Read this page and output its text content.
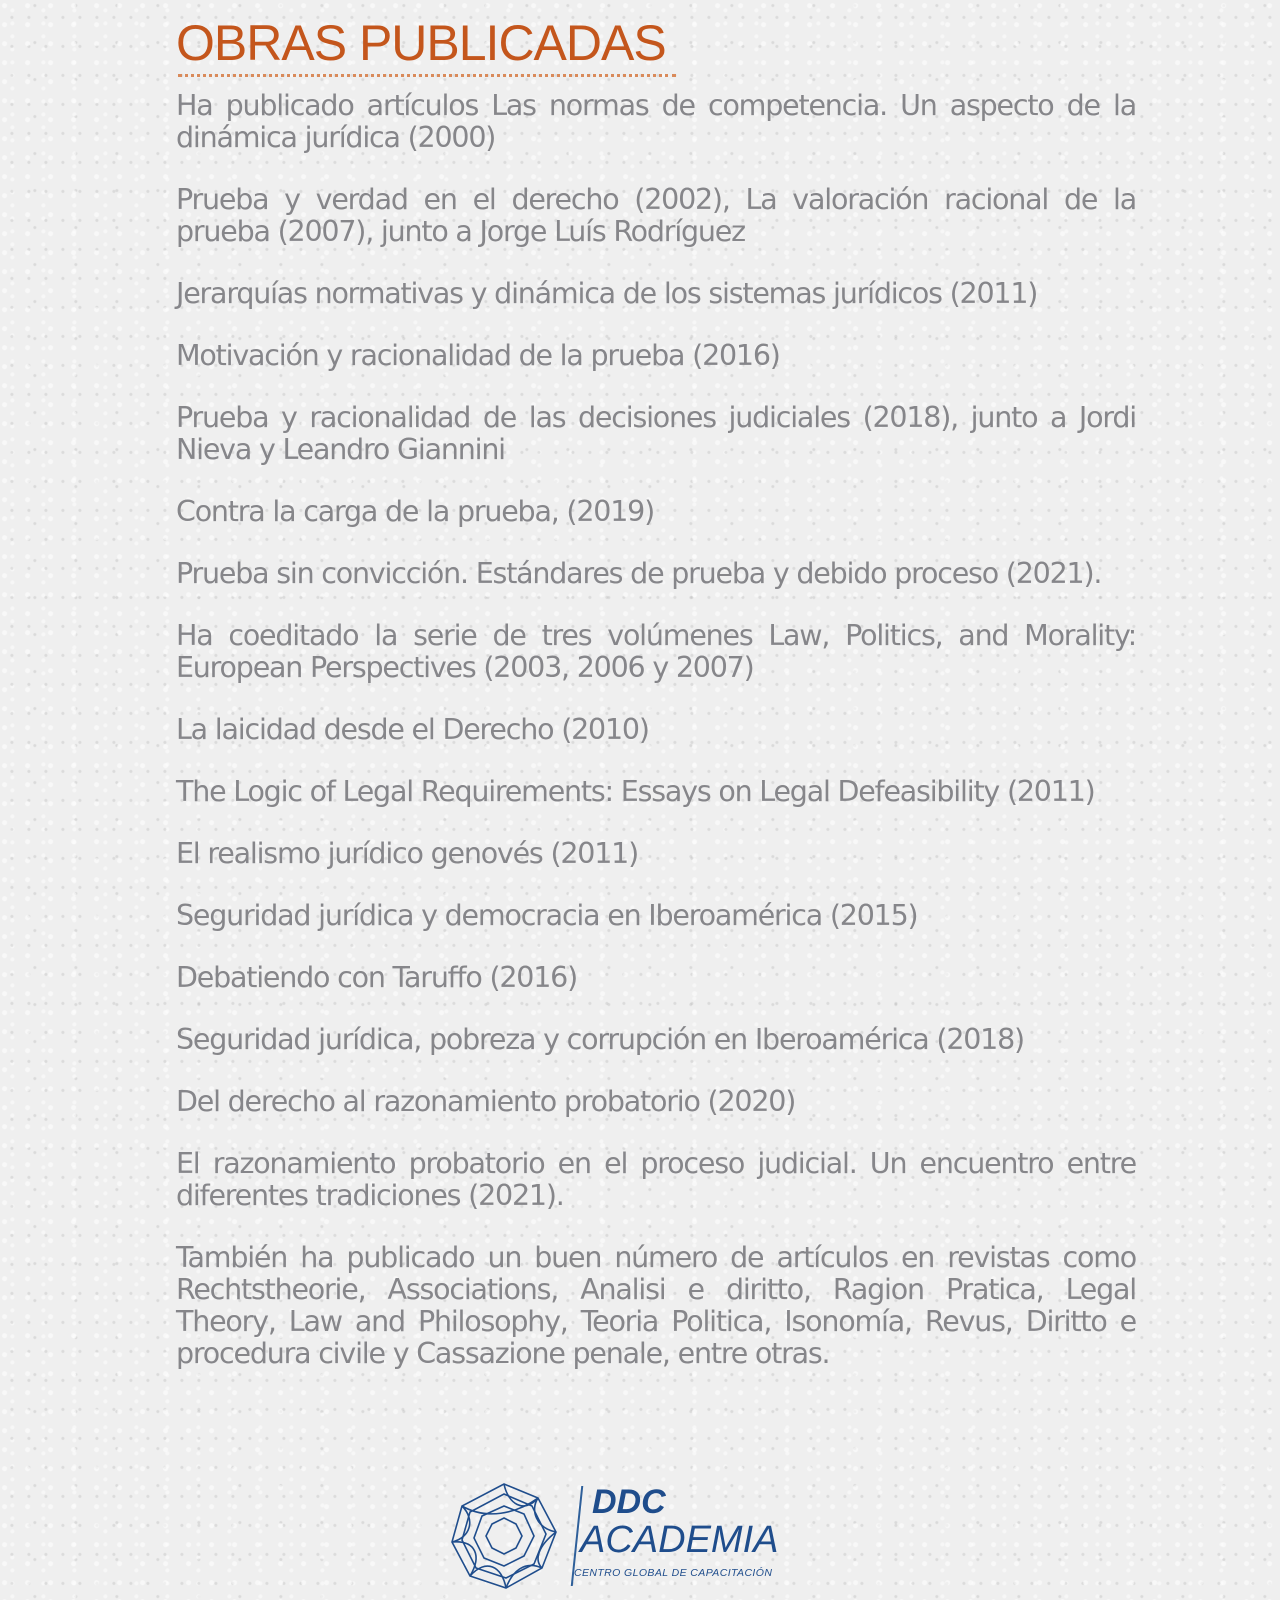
OBRAS PUBLICADAS

Ha publicado artículos Las normas de competencia. Un aspecto de la dinámica jurídica (2000)

Prueba y verdad en el derecho (2002), La valoración racional de la prueba (2007), junto a Jorge Luís Rodríguez

Jerarquías normativas y dinámica de los sistemas jurídicos (2011)

Motivación y racionalidad de la prueba (2016)

Prueba y racionalidad de las decisiones judiciales (2018), junto a Jordi Nieva y Leandro Giannini

Contra la carga de la prueba, (2019)

Prueba sin convicción. Estándares de prueba y debido proceso (2021).

Ha coeditado la serie de tres volúmenes Law, Politics, and Morality: European Perspectives (2003, 2006 y 2007)

La laicidad desde el Derecho (2010)

The Logic of Legal Requirements: Essays on Legal Defeasibility (2011)

El realismo jurídico genovés (2011)

Seguridad jurídica y democracia en Iberoamérica (2015)

Debatiendo con Taruffo (2016)

Seguridad jurídica, pobreza y corrupción en Iberoamérica (2018)

Del derecho al razonamiento probatorio (2020)

El razonamiento probatorio en el proceso judicial. Un encuentro entre diferentes tradiciones (2021).

También ha publicado un buen número de artículos en revistas como Rechtstheorie, Associations, Analisi e diritto, Ragion Pratica, Legal Theory, Law and Philosophy, Teoria Politica, Isonomía, Revus, Diritto e procedura civile y Cassazione penale, entre otras.

DDC

ACADEMIA

CENTRO GLOBAL DE CAPACITACIÓN
